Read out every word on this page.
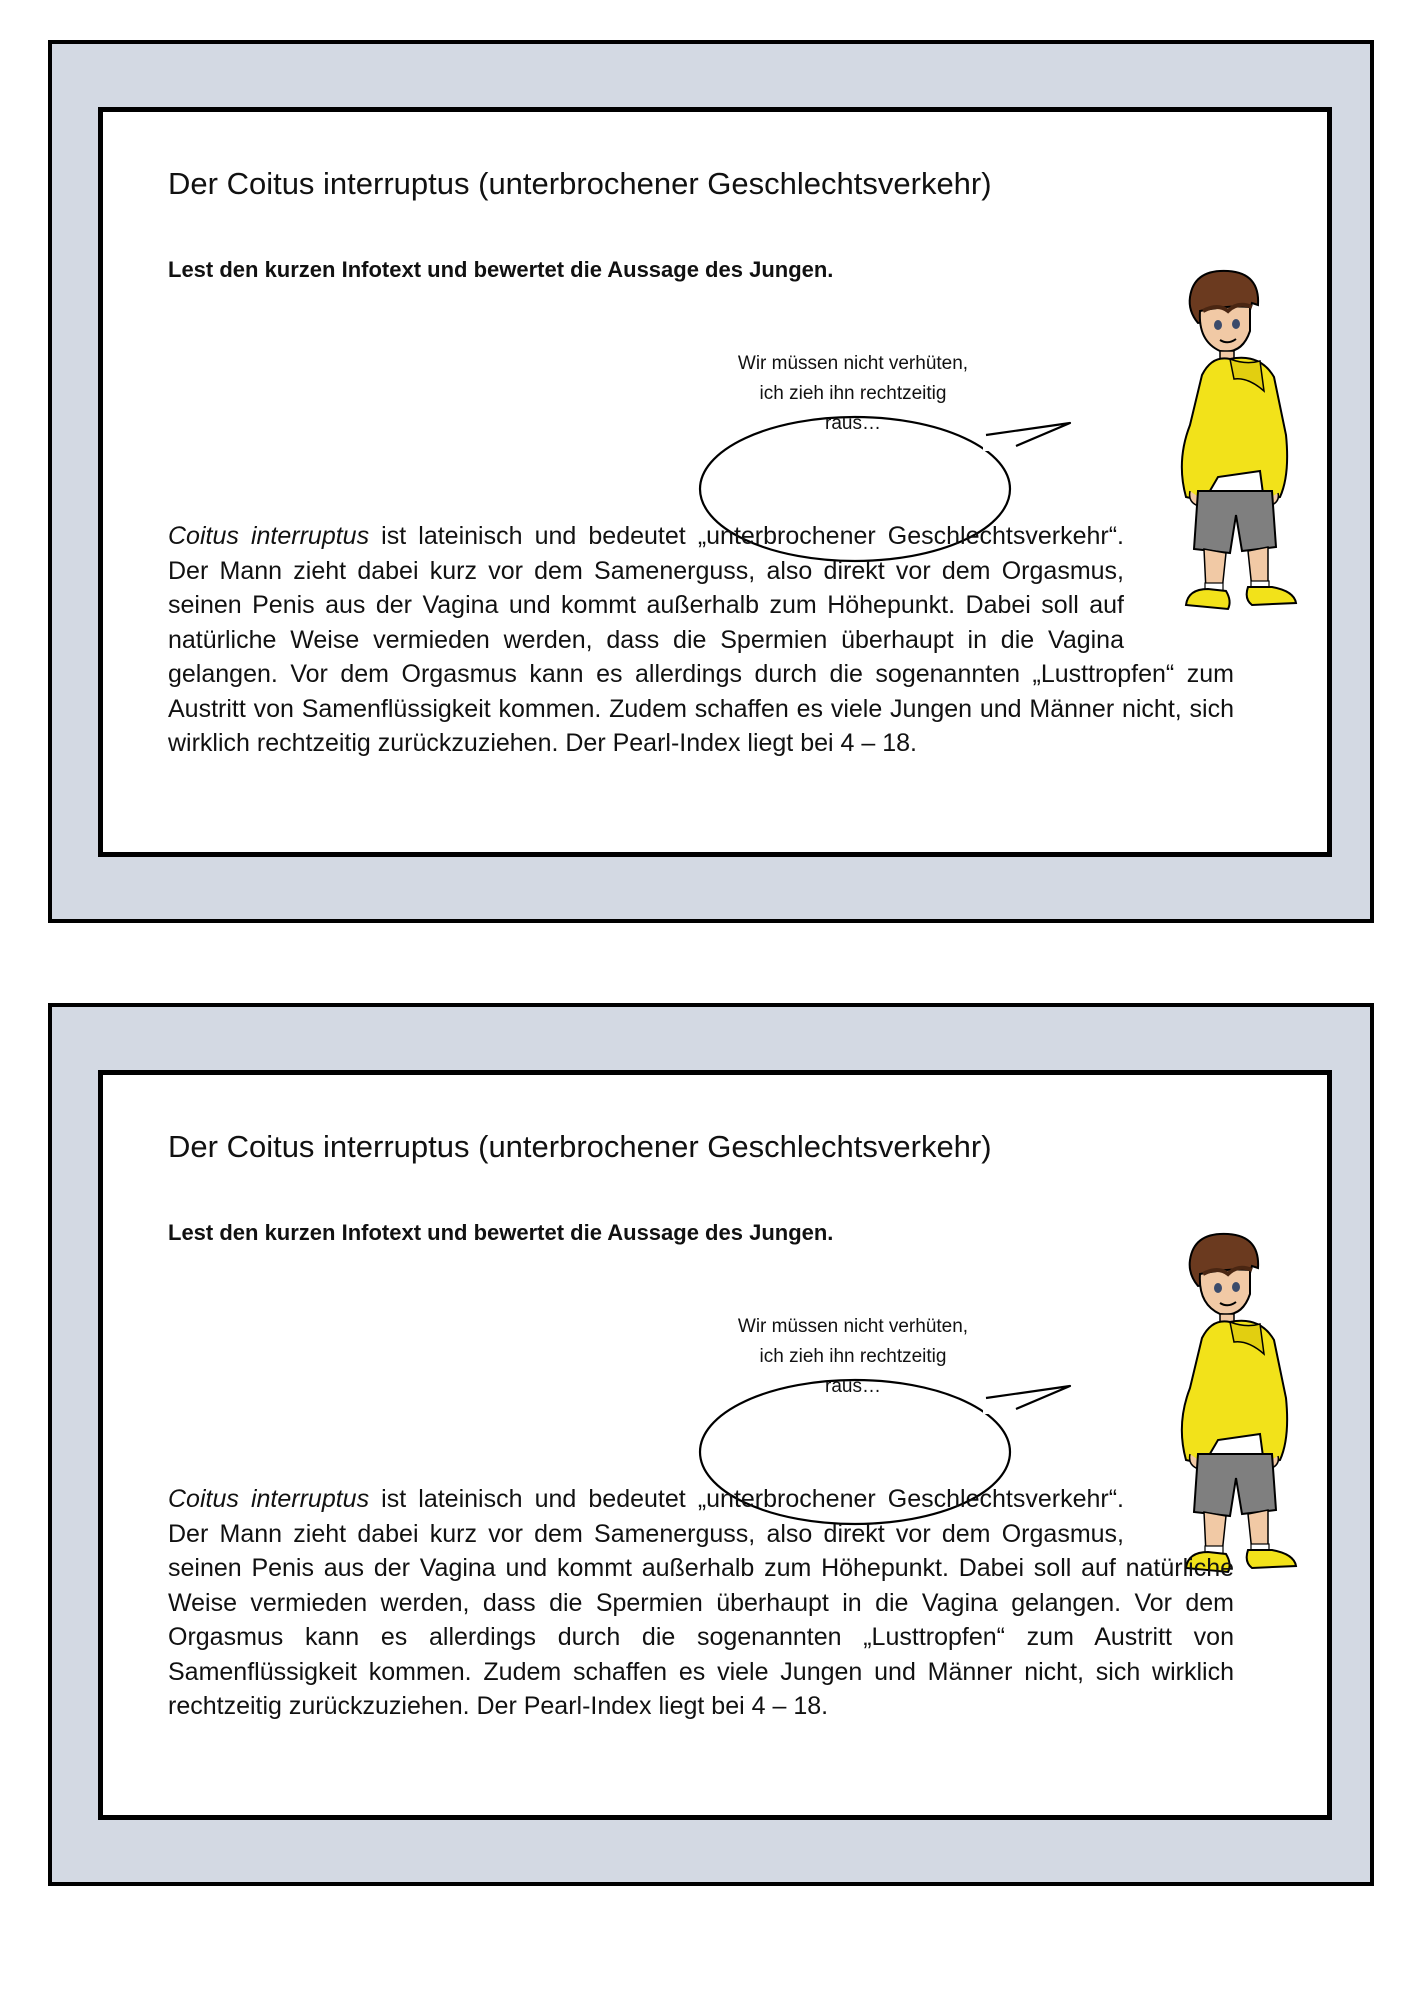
Der Coitus interruptus (unterbrochener Geschlechtsverkehr)
Lest den kurzen Infotext und bewertet die Aussage des Jungen.
Wir müssen nicht verhüten, ich zieh ihn rechtzeitig raus…
Coitus interruptus ist lateinisch und bedeutet „unterbrochener Geschlechtsverkehr“. Der Mann zieht dabei kurz vor dem Samenerguss, also direkt vor dem Orgasmus, seinen Penis aus der Vagina und kommt außerhalb zum Höhepunkt. Dabei soll auf natürliche Weise vermieden werden, dass die Spermien überhaupt in die Vagina gelangen. Vor dem Orgasmus kann es allerdings durch die sogenannten „Lusttropfen“ zum Austritt von Samenflüssigkeit kommen. Zudem schaffen es viele Jungen und Männer nicht, sich wirklich rechtzeitig zurückzuziehen. Der Pearl-Index liegt bei 4 – 18.
Der Coitus interruptus (unterbrochener Geschlechtsverkehr)
Lest den kurzen Infotext und bewertet die Aussage des Jungen.
Wir müssen nicht verhüten, ich zieh ihn rechtzeitig raus…
Coitus interruptus ist lateinisch und bedeutet „unterbrochener Geschlechtsverkehr“. Der Mann zieht dabei kurz vor dem Samenerguss, also direkt vor dem Orgasmus, seinen Penis aus der Vagina und kommt außerhalb zum Höhepunkt. Dabei soll auf natürliche Weise vermieden werden, dass die Spermien überhaupt in die Vagina gelangen. Vor dem Orgasmus kann es allerdings durch die sogenannten „Lusttropfen“ zum Austritt von Samenflüssigkeit kommen. Zudem schaffen es viele Jungen und Männer nicht, sich wirklich rechtzeitig zurückzuziehen. Der Pearl-Index liegt bei 4 – 18.
